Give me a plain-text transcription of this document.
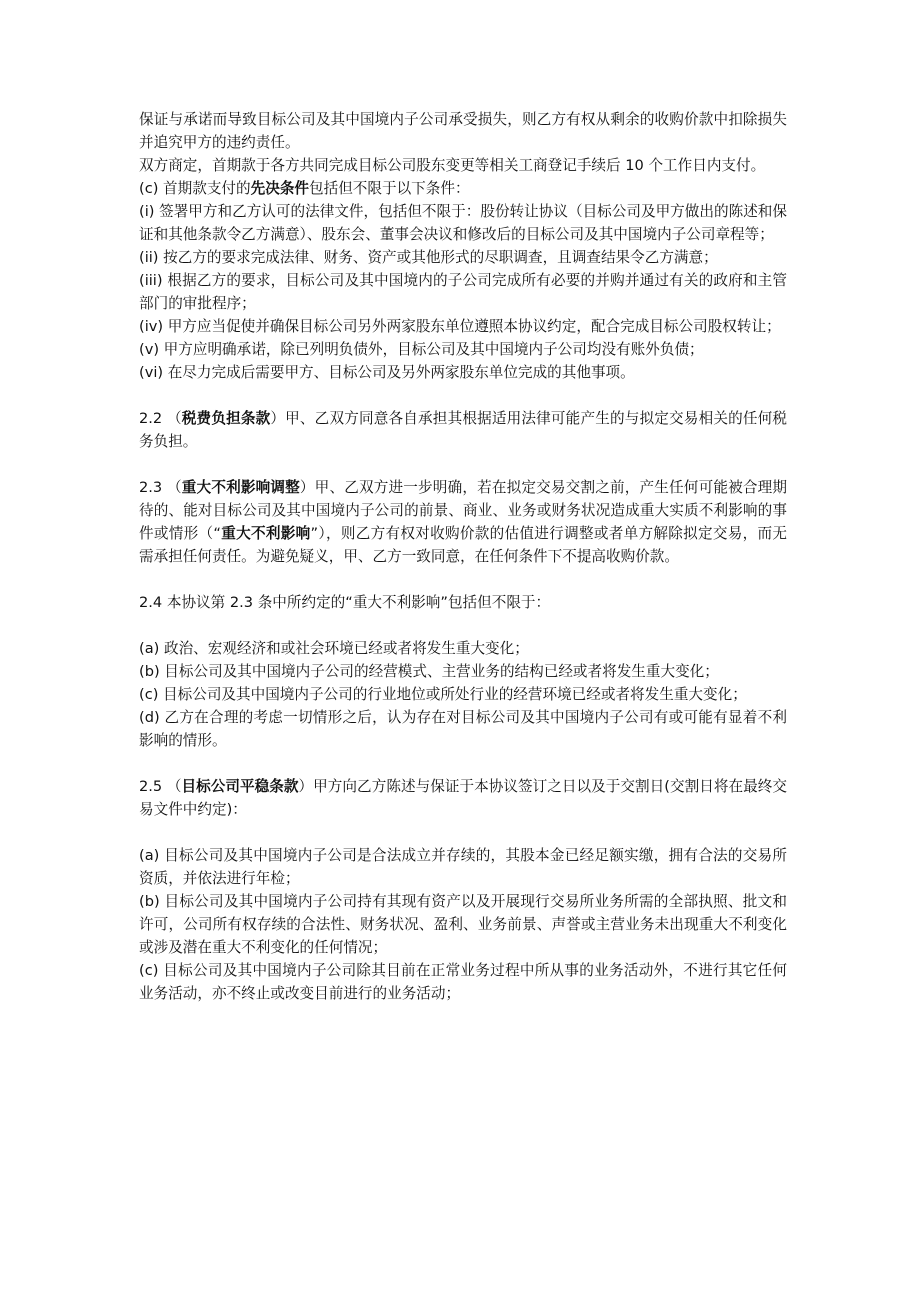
保证与承诺而导致目标公司及其中国境内子公司承受损失，则乙方有权从剩余的收购价款中扣除损失并追究甲方的违约责任。

双方商定，首期款于各方共同完成目标公司股东变更等相关工商登记手续后 10 个工作日内支付。

(c) 首期款支付的先决条件包括但不限于以下条件：

(i) 签署甲方和乙方认可的法律文件，包括但不限于：股份转让协议（目标公司及甲方做出的陈述和保证和其他条款令乙方满意）、股东会、董事会决议和修改后的目标公司及其中国境内子公司章程等；

(ii) 按乙方的要求完成法律、财务、资产或其他形式的尽职调查，且调查结果令乙方满意；

(iii) 根据乙方的要求，目标公司及其中国境内的子公司完成所有必要的并购并通过有关的政府和主管部门的审批程序；

(iv) 甲方应当促使并确保目标公司另外两家股东单位遵照本协议约定，配合完成目标公司股权转让；

(v) 甲方应明确承诺，除已列明负债外，目标公司及其中国境内子公司均没有账外负债；

(vi) 在尽力完成后需要甲方、目标公司及另外两家股东单位完成的其他事项。

2.2 （税费负担条款）甲、乙双方同意各自承担其根据适用法律可能产生的与拟定交易相关的任何税务负担。

2.3 （重大不利影响调整）甲、乙双方进一步明确，若在拟定交易交割之前，产生任何可能被合理期待的、能对目标公司及其中国境内子公司的前景、商业、业务或财务状况造成重大实质不利影响的事件或情形（“重大不利影响”），则乙方有权对收购价款的估值进行调整或者单方解除拟定交易，而无需承担任何责任。为避免疑义，甲、乙方一致同意，在任何条件下不提高收购价款。

2.4 本协议第 2.3 条中所约定的“重大不利影响”包括但不限于：

(a) 政治、宏观经济和或社会环境已经或者将发生重大变化；

(b) 目标公司及其中国境内子公司的经营模式、主营业务的结构已经或者将发生重大变化；

(c) 目标公司及其中国境内子公司的行业地位或所处行业的经营环境已经或者将发生重大变化；

(d) 乙方在合理的考虑一切情形之后，认为存在对目标公司及其中国境内子公司有或可能有显着不利影响的情形。

2.5 （目标公司平稳条款）甲方向乙方陈述与保证于本协议签订之日以及于交割日(交割日将在最终交易文件中约定)：

(a) 目标公司及其中国境内子公司是合法成立并存续的，其股本金已经足额实缴，拥有合法的交易所资质，并依法进行年检；

(b) 目标公司及其中国境内子公司持有其现有资产以及开展现行交易所业务所需的全部执照、批文和许可，公司所有权存续的合法性、财务状况、盈利、业务前景、声誉或主营业务未出现重大不利变化或涉及潜在重大不利变化的任何情况；

(c) 目标公司及其中国境内子公司除其目前在正常业务过程中所从事的业务活动外，不进行其它任何业务活动，亦不终止或改变目前进行的业务活动；
